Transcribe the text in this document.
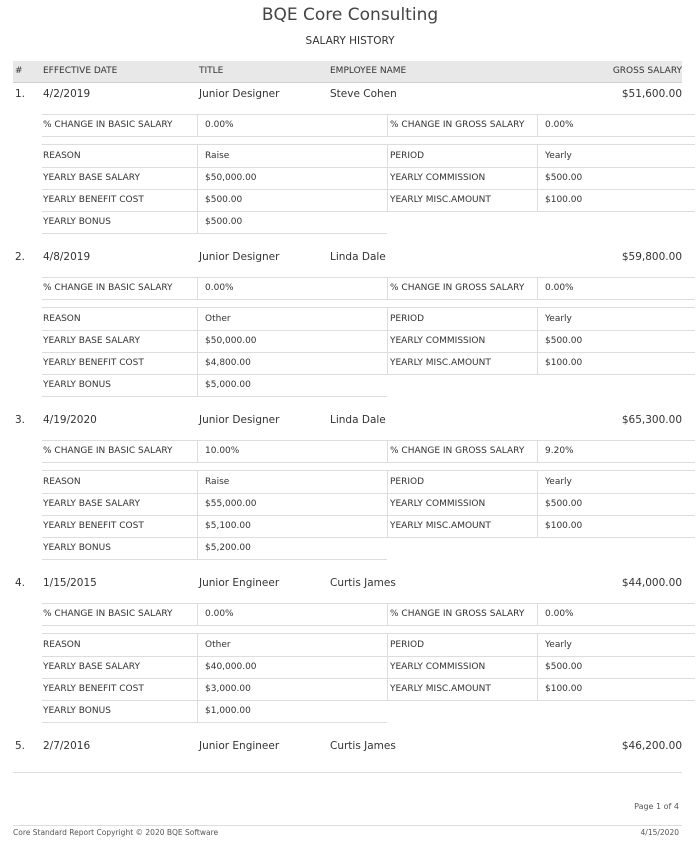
BQE Core Consulting
SALARY HISTORY
# EFFECTIVE DATE	TITLE	EMPLOYEE NAME	GROSS SALARY
1. 4/2/2019	Junior Designer	Steve Cohen	$51,600.00
% CHANGE IN BASIC SALARY	0.00%	% CHANGE IN GROSS SALARY 0.00%
REASON	Raise	PERIOD	Yearly
YEARLY BASE SALARY	$50,000.00	YEARLY COMMISSION	$500.00
YEARLY BENEFIT COST	$500.00	YEARLY MISC.AMOUNT	$100.00
YEARLY BONUS	$500.00
2. 4/8/2019	Junior Designer	Linda Dale	$59,800.00
% CHANGE IN BASIC SALARY	0.00%	% CHANGE IN GROSS SALARY 0.00%
REASON	Other	PERIOD	Yearly
YEARLY BASE SALARY	$50,000.00	YEARLY COMMISSION	$500.00
YEARLY BENEFIT COST	$4,800.00	YEARLY MISC.AMOUNT	$100.00
YEARLY BONUS	$5,000.00
3. 4/19/2020	Junior Designer	Linda Dale	$65,300.00
% CHANGE IN BASIC SALARY	10.00%	% CHANGE IN GROSS SALARY 9.20%
REASON	Raise	PERIOD	Yearly
YEARLY BASE SALARY	$55,000.00	YEARLY COMMISSION	$500.00
YEARLY BENEFIT COST	$5,100.00	YEARLY MISC.AMOUNT	$100.00
YEARLY BONUS	$5,200.00
4. 1/15/2015	Junior Engineer	Curtis James	$44,000.00
% CHANGE IN BASIC SALARY	0.00%	% CHANGE IN GROSS SALARY 0.00%
REASON	Other	PERIOD	Yearly
YEARLY BASE SALARY	$40,000.00	YEARLY COMMISSION	$500.00
YEARLY BENEFIT COST	$3,000.00	YEARLY MISC.AMOUNT	$100.00
YEARLY BONUS	$1,000.00
5. 2/7/2016	Junior Engineer	Curtis James	$46,200.00
Page 1 of 4
Core Standard Report Copyright © 2020 BQE Software	4/15/2020
